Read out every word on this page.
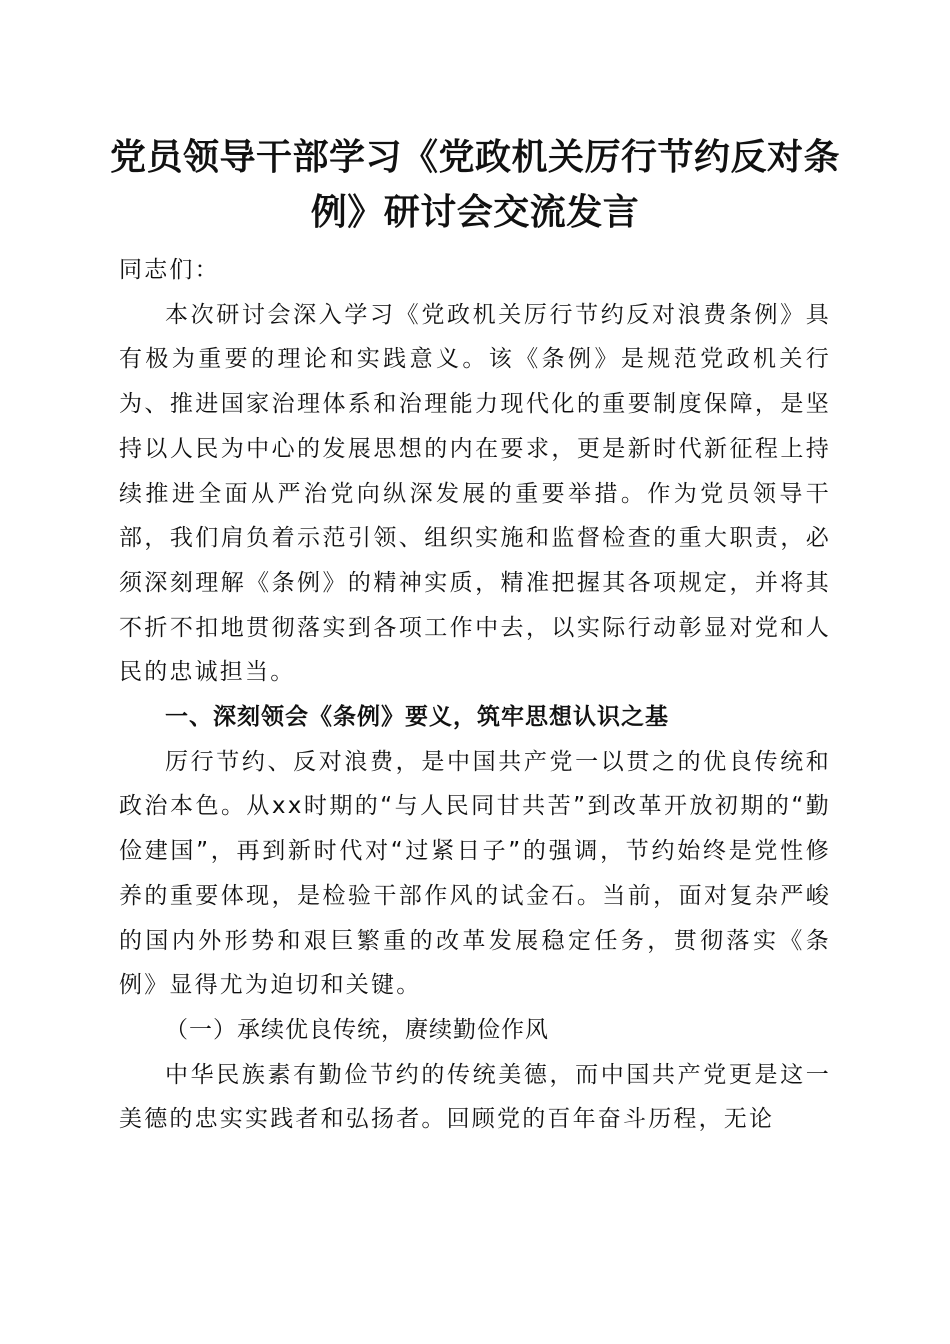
党员领导干部学习《党政机关厉行节约反对条例》研讨会交流发言

同志们：

本次研讨会深入学习《党政机关厉行节约反对浪费条例》具有极为重要的理论和实践意义。该《条例》是规范党政机关行为、推进国家治理体系和治理能力现代化的重要制度保障，是坚持以人民为中心的发展思想的内在要求，更是新时代新征程上持续推进全面从严治党向纵深发展的重要举措。作为党员领导干部，我们肩负着示范引领、组织实施和监督检查的重大职责，必须深刻理解《条例》的精神实质，精准把握其各项规定，并将其不折不扣地贯彻落实到各项工作中去，以实际行动彰显对党和人民的忠诚担当。

一、深刻领会《条例》要义，筑牢思想认识之基

厉行节约、反对浪费，是中国共产党一以贯之的优良传统和政治本色。从xx时期的“与人民同甘共苦”到改革开放初期的“勤俭建国”，再到新时代对“过紧日子”的强调，节约始终是党性修养的重要体现，是检验干部作风的试金石。当前，面对复杂严峻的国内外形势和艰巨繁重的改革发展稳定任务，贯彻落实《条例》显得尤为迫切和关键。

（一）承续优良传统，赓续勤俭作风

中华民族素有勤俭节约的传统美德，而中国共产党更是这一美德的忠实实践者和弘扬者。回顾党的百年奋斗历程，无论
